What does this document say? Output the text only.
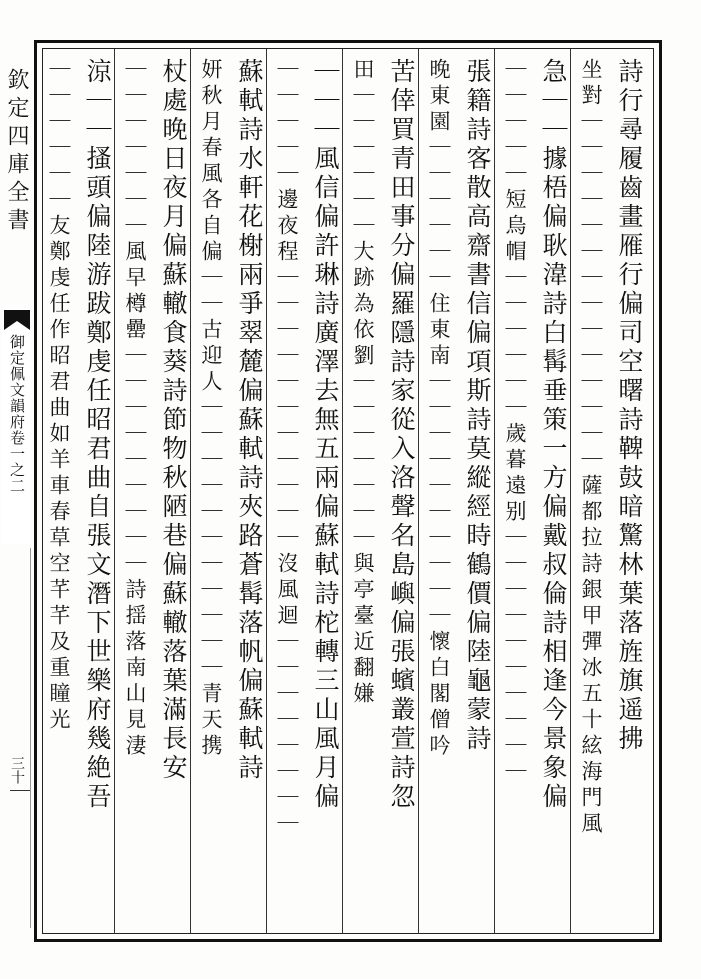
欽定四庫全書
御定佩文韻府卷一之二
三十
詩行尋履齒畫雁行偏司空曙詩鞞鼓暗驚林葉落旌旗遥拂
坐對｜｜｜｜｜｜｜｜｜｜｜｜｜｜薩都拉詩銀甲彈冰五十絃海門風
急｜｜據梧偏耿湋詩白髯垂策一方偏戴叔倫詩相逢今景象偏
｜｜｜｜｜短烏帽｜｜｜｜｜｜歲暮遠别｜｜｜｜｜｜｜｜｜｜
張籍詩客散高齋書信偏項斯詩莫縱經時鶴價偏陸龜蒙詩
晚東園｜｜｜｜｜｜住東南｜｜｜｜｜｜｜｜｜｜懷白閣僧吟
苦倖買青田事分偏羅隱詩家從入洛聲名島嶼偏張蠙叢萱詩忽
田｜｜｜｜｜｜大跡為依劉｜｜｜｜｜｜｜與亭臺近翻嫌
｜｜｜風信偏許琳詩廣澤去無五兩偏蘇軾詩柁轉三山風月偏
｜｜｜｜｜邊夜程｜｜｜｜｜｜｜｜｜｜｜沒風迴｜｜｜｜｜｜｜｜
蘇軾詩水軒花榭兩爭翠麓偏蘇軾詩夾路蒼髯落帆偏蘇軾詩
妍秋月春風各自偏｜｜古迎人｜｜｜｜｜｜｜｜｜｜｜青天携
杖處晚日夜月偏蘇轍食葵詩節物秋陋巷偏蘇轍落葉滿長安
｜｜｜｜｜｜｜風早樽罍｜｜｜｜｜｜｜｜｜詩揺落南山見淒
涼｜｜搔頭偏陸游跋鄭虔任昭君曲自張文潛下世樂府幾絶吾
｜｜｜｜｜｜友鄭虔任作昭君曲如羊車春草空芊芊及重瞳光
